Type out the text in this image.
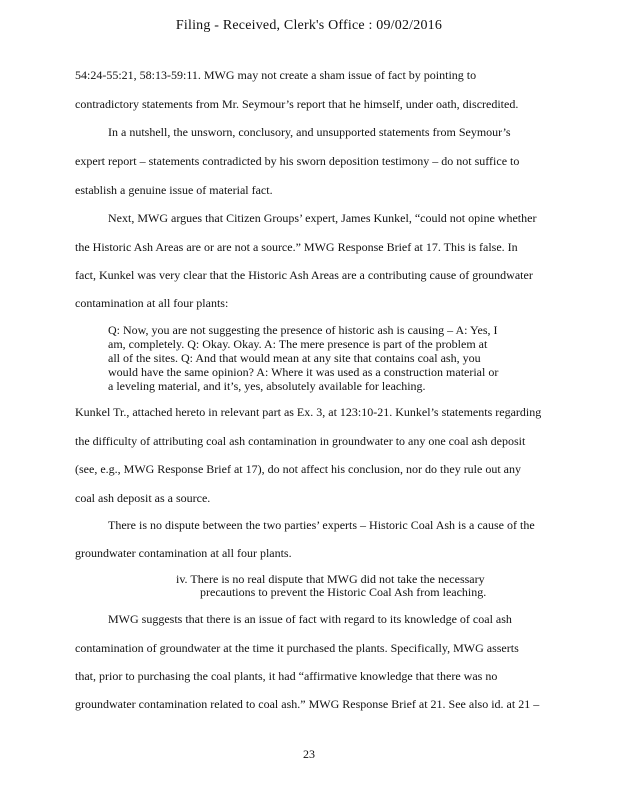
Filing - Received, Clerk's Office : 09/02/2016
54:24-55:21, 58:13-59:11. MWG may not create a sham issue of fact by pointing to
contradictory statements from Mr. Seymour’s report that he himself, under oath, discredited.
In a nutshell, the unsworn, conclusory, and unsupported statements from Seymour’s
expert report – statements contradicted by his sworn deposition testimony – do not suffice to
establish a genuine issue of material fact.
Next, MWG argues that Citizen Groups’ expert, James Kunkel, “could not opine whether
the Historic Ash Areas are or are not a source.” MWG Response Brief at 17. This is false. In
fact, Kunkel was very clear that the Historic Ash Areas are a contributing cause of groundwater
contamination at all four plants:
Q: Now, you are not suggesting the presence of historic ash is causing – A: Yes, I
am, completely. Q: Okay. Okay. A: The mere presence is part of the problem at
all of the sites. Q: And that would mean at any site that contains coal ash, you
would have the same opinion? A: Where it was used as a construction material or
a leveling material, and it’s, yes, absolutely available for leaching.
Kunkel Tr., attached hereto in relevant part as Ex. 3, at 123:10-21. Kunkel’s statements regarding
the difficulty of attributing coal ash contamination in groundwater to any one coal ash deposit
(see, e.g., MWG Response Brief at 17), do not affect his conclusion, nor do they rule out any
coal ash deposit as a source.
There is no dispute between the two parties’ experts – Historic Coal Ash is a cause of the
groundwater contamination at all four plants.
iv. There is no real dispute that MWG did not take the necessary
precautions to prevent the Historic Coal Ash from leaching.
MWG suggests that there is an issue of fact with regard to its knowledge of coal ash
contamination of groundwater at the time it purchased the plants. Specifically, MWG asserts
that, prior to purchasing the coal plants, it had “affirmative knowledge that there was no
groundwater contamination related to coal ash.” MWG Response Brief at 21. See also id. at 21 –
23
